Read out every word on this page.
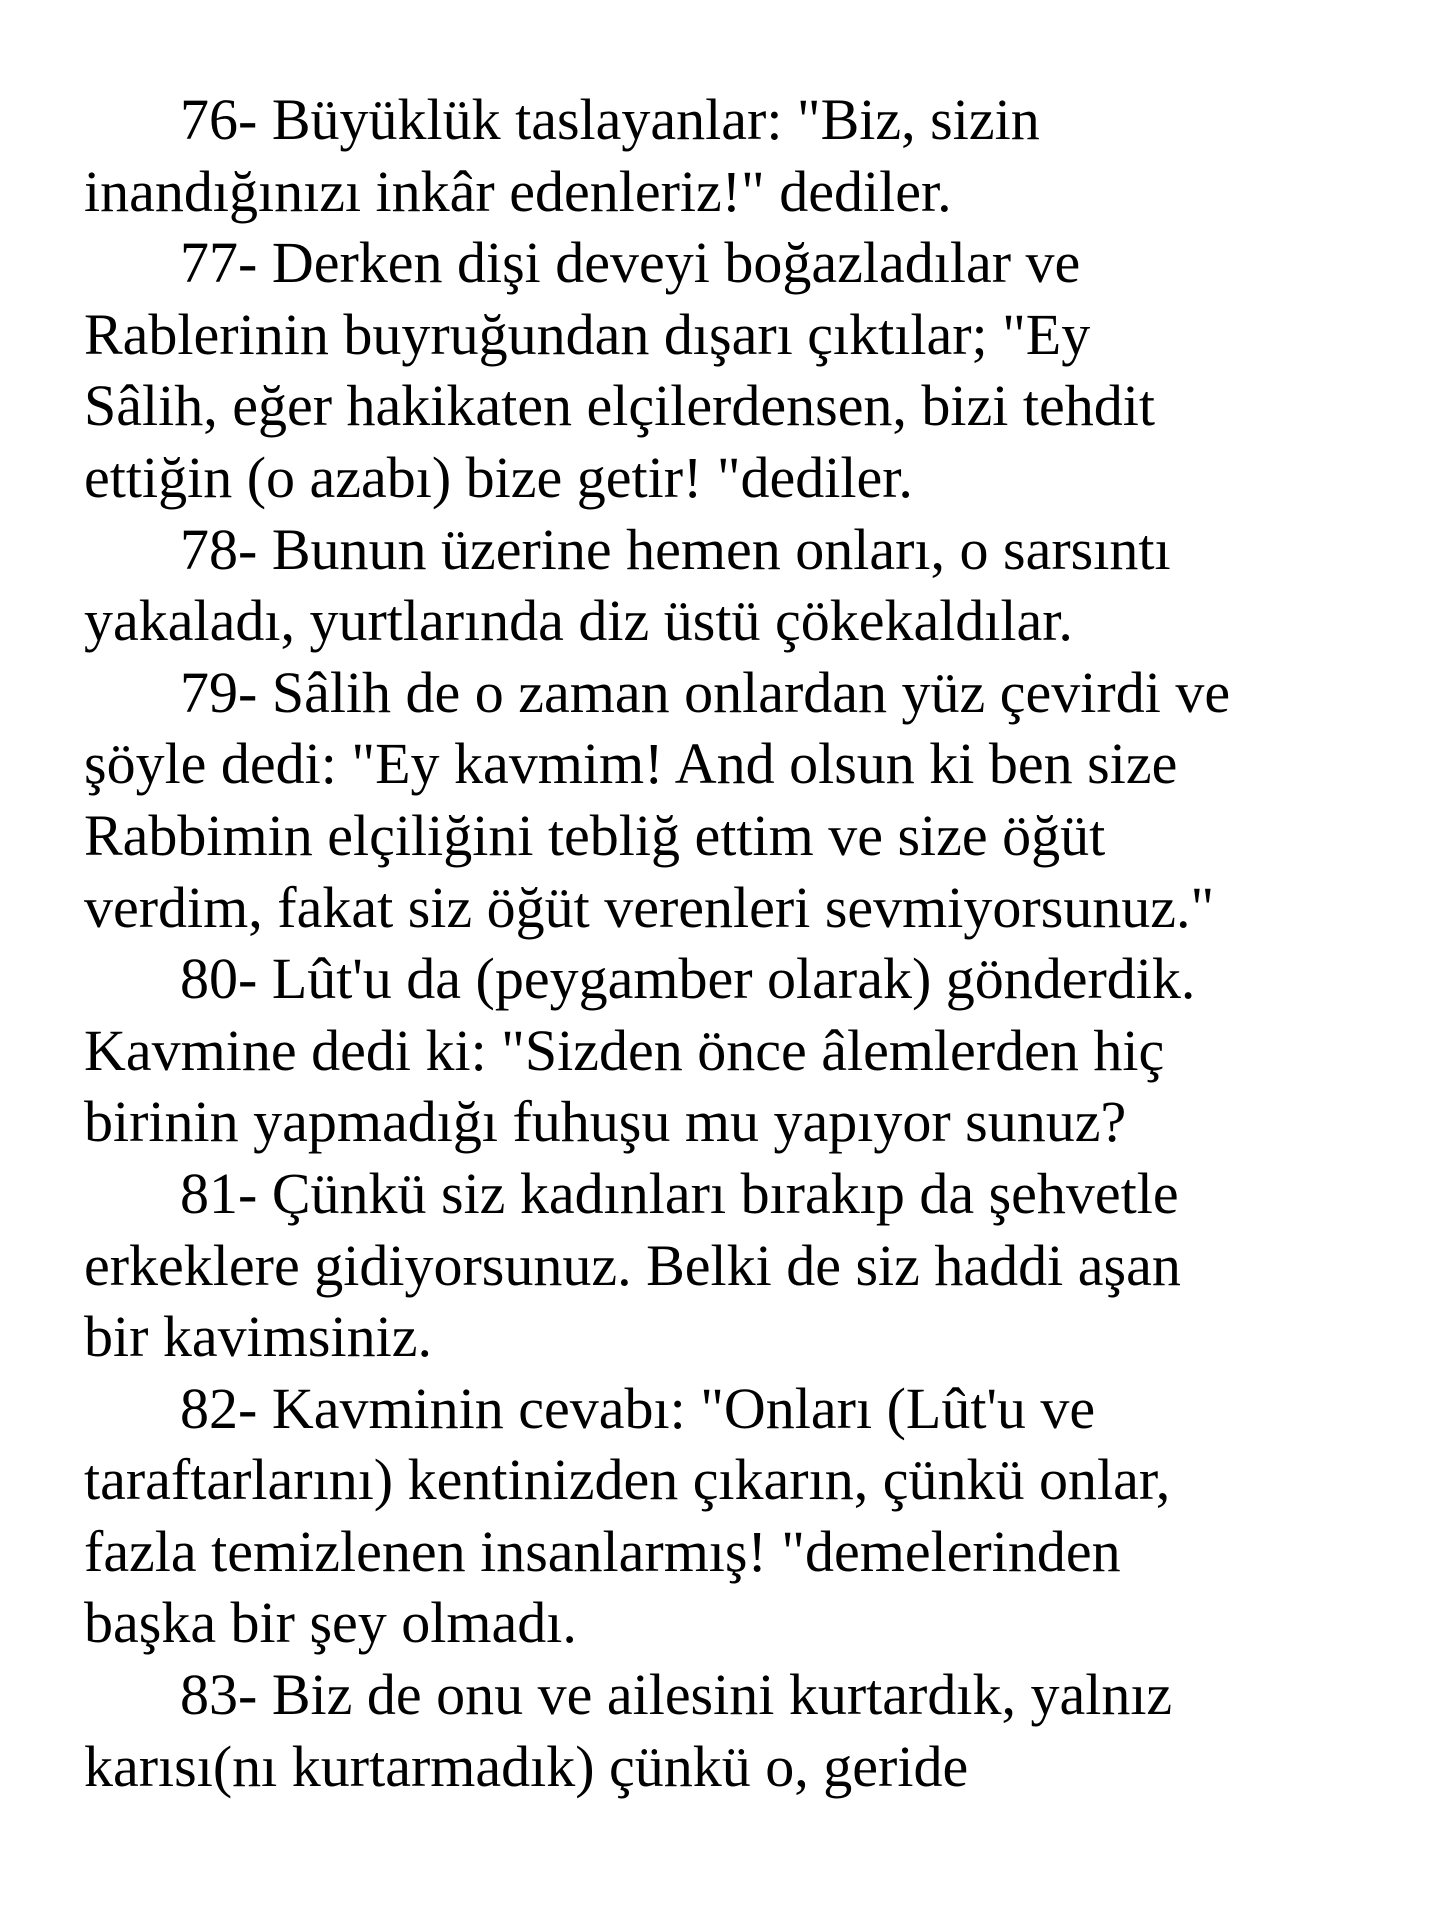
76- Büyüklük taslayanlar: "Biz, sizin
inandığınızı inkâr edenleriz!" dediler.
77- Derken dişi deveyi boğazladılar ve
Rablerinin buyruğundan dışarı çıktılar; "Ey
Sâlih, eğer hakikaten elçilerdensen, bizi tehdit
ettiğin (o azabı) bize getir! "dediler.
78- Bunun üzerine hemen onları, o sarsıntı
yakaladı, yurtlarında diz üstü çökekaldılar.
79- Sâlih de o zaman onlardan yüz çevirdi ve
şöyle dedi: "Ey kavmim! And olsun ki ben size
Rabbimin elçiliğini tebliğ ettim ve size öğüt
verdim, fakat siz öğüt verenleri sevmiyorsunuz."
80- Lût'u da (peygamber olarak) gönderdik.
Kavmine dedi ki: "Sizden önce âlemlerden hiç
birinin yapmadığı fuhuşu mu yapıyor sunuz?
81- Çünkü siz kadınları bırakıp da şehvetle
erkeklere gidiyorsunuz. Belki de siz haddi aşan
bir kavimsiniz.
82- Kavminin cevabı: "Onları (Lût'u ve
taraftarlarını) kentinizden çıkarın, çünkü onlar,
fazla temizlenen insanlarmış! "demelerinden
başka bir şey olmadı.
83- Biz de onu ve ailesini kurtardık, yalnız
karısı(nı kurtarmadık) çünkü o, geride
